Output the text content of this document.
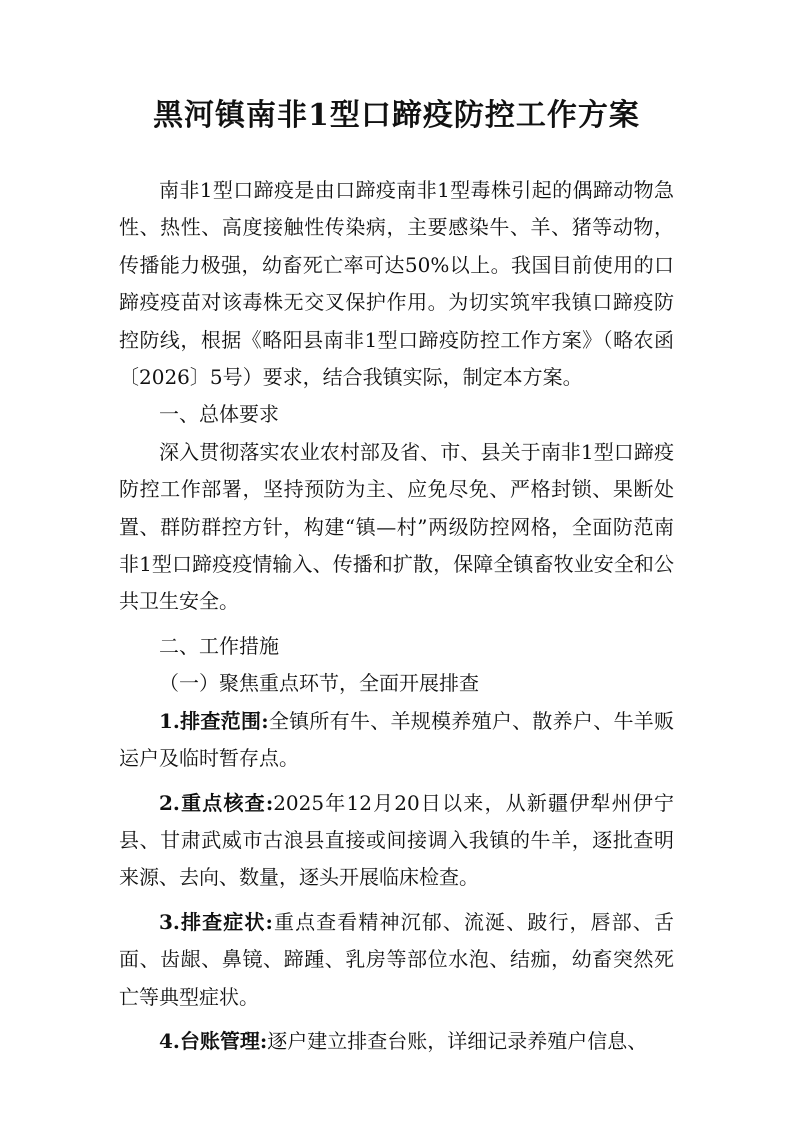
黑河镇南非1型口蹄疫防控工作方案

南非1型口蹄疫是由口蹄疫南非1型毒株引起的偶蹄动物急性、热性、高度接触性传染病，主要感染牛、羊、猪等动物，传播能力极强，幼畜死亡率可达50%以上。我国目前使用的口蹄疫疫苗对该毒株无交叉保护作用。为切实筑牢我镇口蹄疫防控防线，根据《略阳县南非1型口蹄疫防控工作方案》（略农函〔2026〕5号）要求，结合我镇实际，制定本方案。

一、总体要求

深入贯彻落实农业农村部及省、市、县关于南非1型口蹄疫防控工作部署，坚持预防为主、应免尽免、严格封锁、果断处置、群防群控方针，构建“镇—村”两级防控网格，全面防范南非1型口蹄疫疫情输入、传播和扩散，保障全镇畜牧业安全和公共卫生安全。

二、工作措施

（一）聚焦重点环节，全面开展排查

1.排查范围:全镇所有牛、羊规模养殖户、散养户、牛羊贩运户及临时暂存点。

2.重点核查:2025年12月20日以来，从新疆伊犁州伊宁县、甘肃武威市古浪县直接或间接调入我镇的牛羊，逐批查明来源、去向、数量，逐头开展临床检查。

3.排查症状:重点查看精神沉郁、流涎、跛行，唇部、舌面、齿龈、鼻镜、蹄踵、乳房等部位水泡、结痂，幼畜突然死亡等典型症状。

4.台账管理:逐户建立排查台账，详细记录养殖户信息、
